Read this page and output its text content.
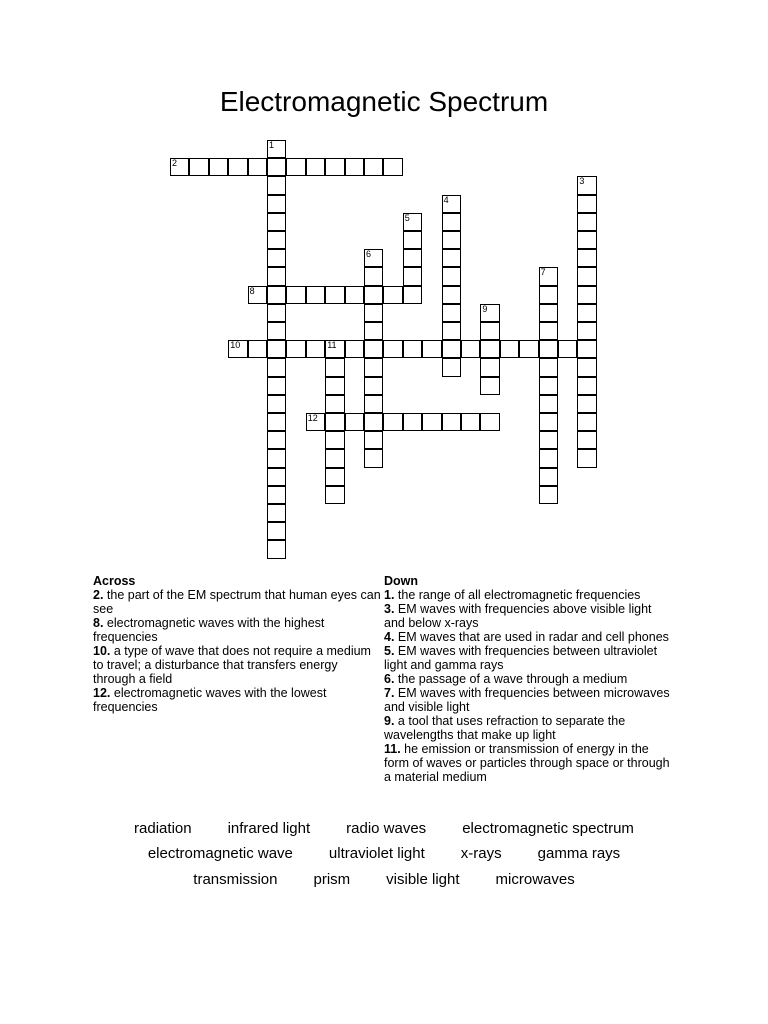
Electromagnetic Spectrum
1
2
3
4
5
6
7
8
9
10	11
12
Across
2. the part of the EM spectrum that human eyes can see
8. electromagnetic waves with the highest frequencies
10. a type of wave that does not require a medium to travel; a disturbance that transfers energy through a field
12. electromagnetic waves with the lowest frequencies
Down
1. the range of all electromagnetic frequencies
3. EM waves with frequencies above visible light and below x-rays
4. EM waves that are used in radar and cell phones
5. EM waves with frequencies between ultraviolet light and gamma rays
6. the passage of a wave through a medium
7. EM waves with frequencies between microwaves and visible light
9. a tool that uses refraction to separate the wavelengths that make up light
11. he emission or transmission of energy in the form of waves or particles through space or through a material medium
radiation infrared light radio waves electromagnetic spectrum
electromagnetic wave ultraviolet light x-rays gamma rays
transmission prism visible light microwaves
